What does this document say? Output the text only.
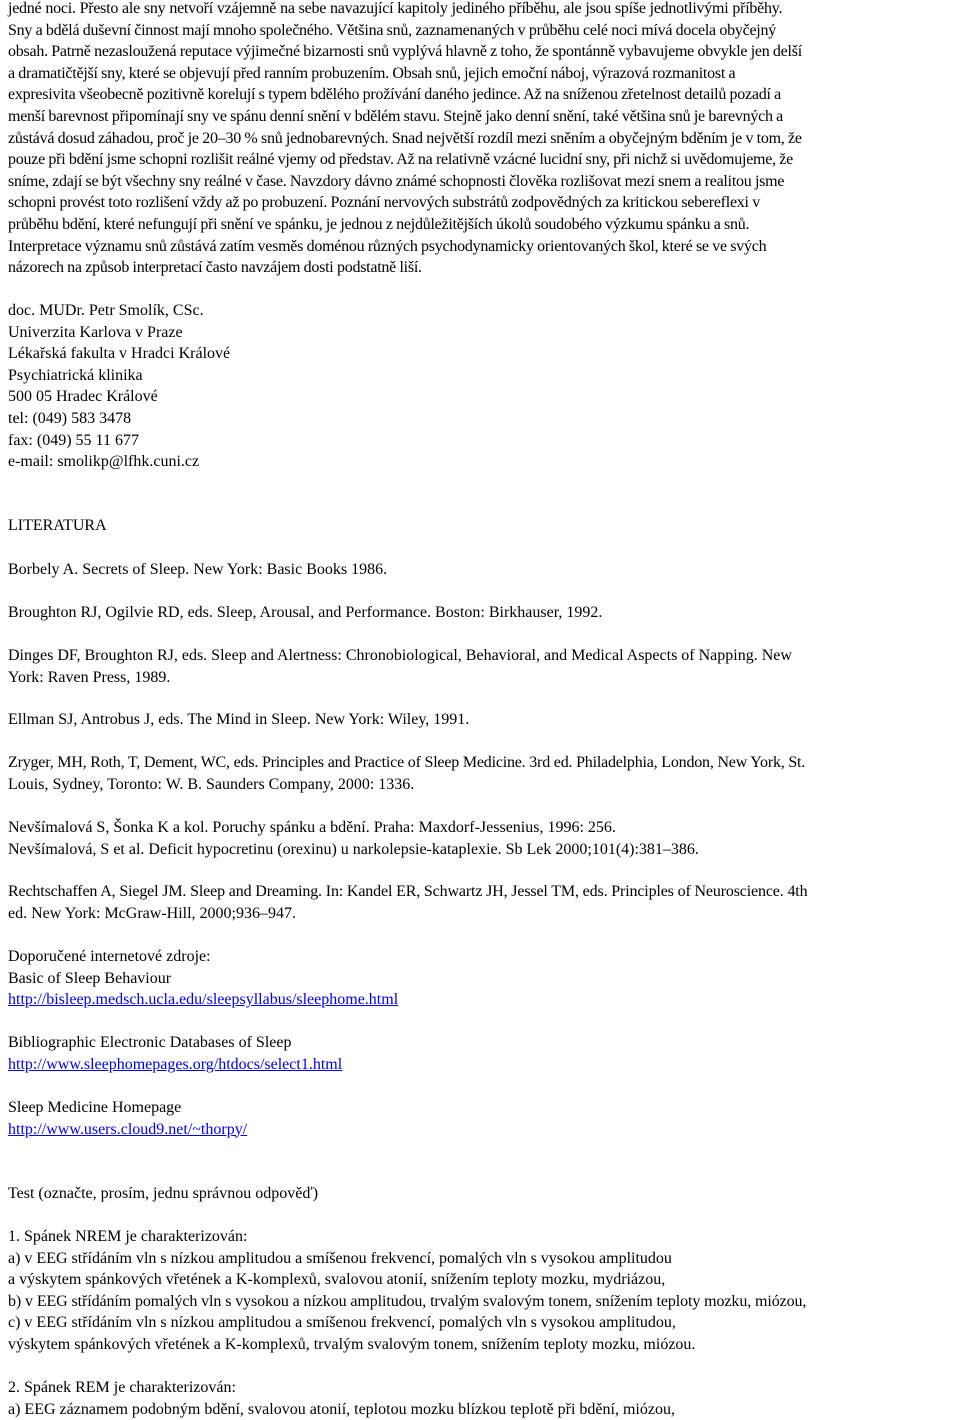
jedné noci. Přesto ale sny netvoří vzájemně na sebe navazující kapitoly jediného příběhu, ale jsou spíše jednotlivými příběhy.
Sny a bdělá duševní činnost mají mnoho společného. Většina snů, zaznamenaných v průběhu celé noci mívá docela obyčejný
obsah. Patrně nezasloužená reputace výjimečné bizarnosti snů vyplývá hlavně z toho, že spontánně vybavujeme obvykle jen delší
a dramatičtější sny, které se objevují před ranním probuzením. Obsah snů, jejich emoční náboj, výrazová rozmanitost a
expresivita všeobecně pozitivně korelují s typem bdělého prožívání daného jedince. Až na sníženou zřetelnost detailů pozadí a
menší barevnost připomínají sny ve spánu denní snění v bdělém stavu. Stejně jako denní snění, také většina snů je barevných a
zůstává dosud záhadou, proč je 20–30 % snů jednobarevných. Snad největší rozdíl mezi sněním a obyčejným bděním je v tom, že
pouze při bdění jsme schopni rozlišit reálné vjemy od představ. Až na relativně vzácné lucidní sny, při nichž si uvědomujeme, že
sníme, zdají se být všechny sny reálné v čase. Navzdory dávno známé schopnosti člověka rozlišovat mezi snem a realitou jsme
schopni provést toto rozlišení vždy až po probuzení. Poznání nervových substrátů zodpovědných za kritickou sebereflexi v
průběhu bdění, které nefungují při snění ve spánku, je jednou z nejdůležitějších úkolů soudobého výzkumu spánku a snů.
Interpretace významu snů zůstává zatím vesměs doménou různých psychodynamicky orientovaných škol, které se ve svých
názorech na způsob interpretací často navzájem dosti podstatně liší.

doc. MUDr. Petr Smolík, CSc.
Univerzita Karlova v Praze
Lékařská fakulta v Hradci Králové
Psychiatrická klinika
500 05 Hradec Králové
tel: (049) 583 3478
fax: (049) 55 11 677
e-mail: smolikp@lfhk.cuni.cz

LITERATURA

Borbely A. Secrets of Sleep. New York: Basic Books 1986.

Broughton RJ, Ogilvie RD, eds. Sleep, Arousal, and Performance. Boston: Birkhauser, 1992.

Dinges DF, Broughton RJ, eds. Sleep and Alertness: Chronobiological, Behavioral, and Medical Aspects of Napping. New
York: Raven Press, 1989.

Ellman SJ, Antrobus J, eds. The Mind in Sleep. New York: Wiley, 1991.

Zryger, MH, Roth, T, Dement, WC, eds. Principles and Practice of Sleep Medicine. 3rd ed. Philadelphia, London, New York, St.
Louis, Sydney, Toronto: W. B. Saunders Company, 2000: 1336.

Nevšímalová S, Šonka K a kol. Poruchy spánku a bdění. Praha: Maxdorf-Jessenius, 1996: 256.
Nevšímalová, S et al. Deficit hypocretinu (orexinu) u narkolepsie-kataplexie. Sb Lek 2000;101(4):381–386.

Rechtschaffen A, Siegel JM. Sleep and Dreaming. In: Kandel ER, Schwartz JH, Jessel TM, eds. Principles of Neuroscience. 4th
ed. New York: McGraw-Hill, 2000;936–947.

Doporučené internetové zdroje:
Basic of Sleep Behaviour
http://bisleep.medsch.ucla.edu/sleepsyllabus/sleephome.html

Bibliographic Electronic Databases of Sleep
http://www.sleephomepages.org/htdocs/select1.html

Sleep Medicine Homepage
http://www.users.cloud9.net/~thorpy/

Test (označte, prosím, jednu správnou odpověď)

1. Spánek NREM je charakterizován:
a) v EEG střídáním vln s nízkou amplitudou a smíšenou frekvencí, pomalých vln s vysokou amplitudou
a výskytem spánkových vřetének a K-komplexů, svalovou atonií, snížením teploty mozku, mydriázou,
b) v EEG střídáním pomalých vln s vysokou a nízkou amplitudou, trvalým svalovým tonem, snížením teploty mozku, miózou,
c) v EEG střídáním vln s nízkou amplitudou a smíšenou frekvencí, pomalých vln s vysokou amplitudou,
výskytem spánkových vřetének a K-komplexů, trvalým svalovým tonem, snížením teploty mozku, miózou.

2. Spánek REM je charakterizován:
a) EEG záznamem podobným bdění, svalovou atonií, teplotou mozku blízkou teplotě při bdění, miózou,
